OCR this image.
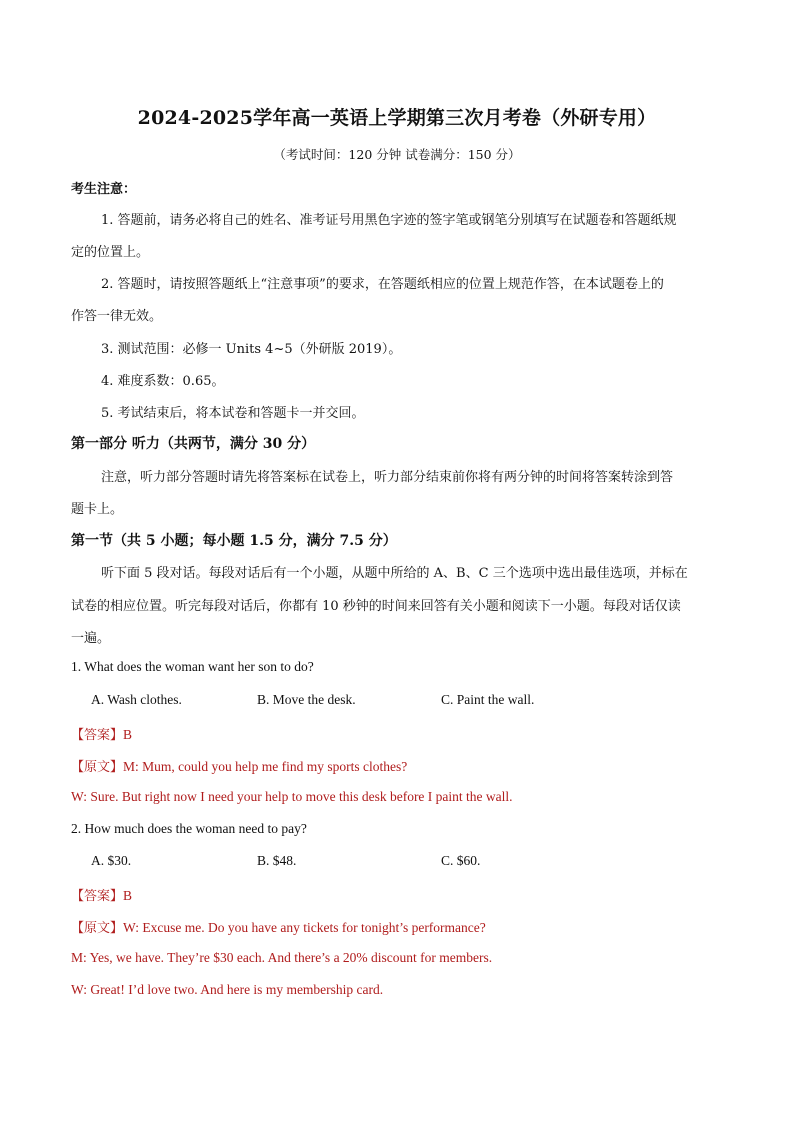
2024-2025学年高一英语上学期第三次月考卷（外研专用）
（考试时间：120 分钟 试卷满分：150 分）
考生注意：
1. 答题前，请务必将自己的姓名、准考证号用黑色字迹的签字笔或钢笔分别填写在试题卷和答题纸规
定的位置上。
2. 答题时，请按照答题纸上“注意事项”的要求，在答题纸相应的位置上规范作答，在本试题卷上的
作答一律无效。
3. 测试范围：必修一 Units 4~5（外研版 2019）。
4. 难度系数：0.65。
5. 考试结束后，将本试卷和答题卡一并交回。
第一部分 听力（共两节，满分 30 分）
注意，听力部分答题时请先将答案标在试卷上，听力部分结束前你将有两分钟的时间将答案转涂到答
题卡上。
第一节（共 5 小题；每小题 1.5 分，满分 7.5 分）
听下面 5 段对话。每段对话后有一个小题，从题中所给的 A、B、C 三个选项中选出最佳选项，并标在
试卷的相应位置。听完每段对话后，你都有 10 秒钟的时间来回答有关小题和阅读下一小题。每段对话仅读
一遍。
1. What does the woman want her son to do?
A. Wash clothes.	B. Move the desk.	C. Paint the wall.
【答案】B
【原文】M: Mum, could you help me find my sports clothes?
W: Sure. But right now I need your help to move this desk before I paint the wall.
2. How much does the woman need to pay?
A. $30.	B. $48.	C. $60.
【答案】B
【原文】W: Excuse me. Do you have any tickets for tonight’s performance?
M: Yes, we have. They’re $30 each. And there’s a 20% discount for members.
W: Great! I’d love two. And here is my membership card.
